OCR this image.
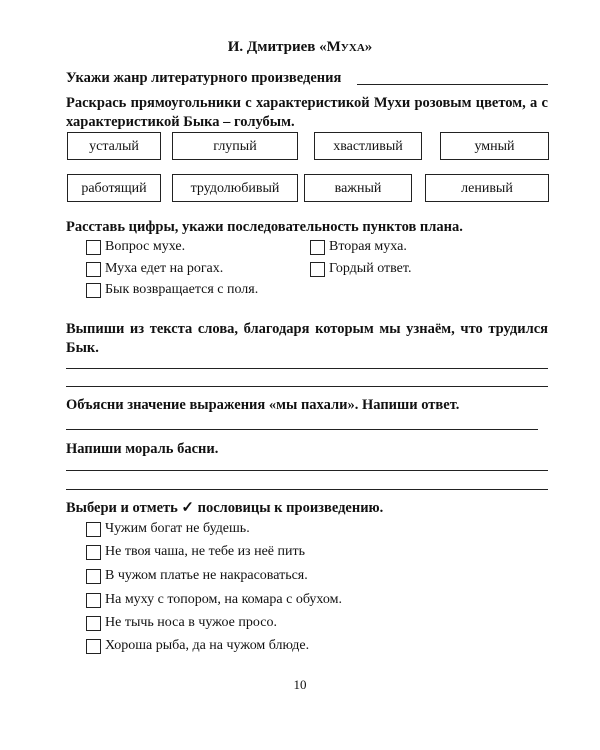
И. Дмитриев «Муха»
Укажи жанр литературного произведения
Раскрась прямоугольники с характеристикой Мухи розовым цветом, а с характеристикой Быка – голубым.
усталый	глупый	хвастливый	умный
работящий	трудолюбивый	важный	ленивый
Расставь цифры, укажи последовательность пунктов плана.
Вопрос мухе.
Муха едет на рогах.
Бык возвращается с поля.
Вторая муха.
Гордый ответ.
Выпиши из текста слова, благодаря которым мы узнаём, что трудился Бык.
Объясни значение выражения «мы пахали». Напиши ответ.
Напиши мораль басни.
Выбери и отметь ✓ пословицы к произведению.
Чужим богат не будешь.
Не твоя чаша, не тебе из неё пить
В чужом платье не накрасоваться.
На муху с топором, на комара с обухом.
Не тычь носа в чужое просо.
Хороша рыба, да на чужом блюде.
10
